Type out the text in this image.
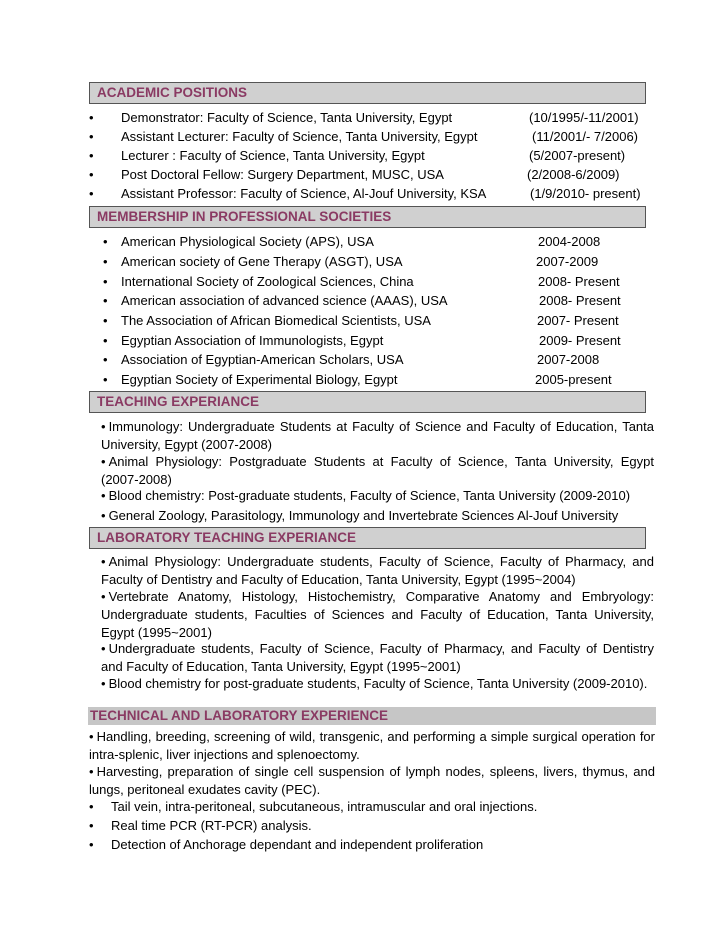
ACADEMIC POSITIONS
• Demonstrator: Faculty of Science, Tanta University, Egypt	(10/1995/-11/2001)
• Assistant Lecturer: Faculty of Science, Tanta University, Egypt	(11/2001/- 7/2006)
• Lecturer : Faculty of Science, Tanta University, Egypt	(5/2007-present)
• Post Doctoral Fellow: Surgery Department, MUSC, USA	(2/2008-6/2009)
• Assistant Professor: Faculty of Science, Al-Jouf University, KSA	(1/9/2010- present)
MEMBERSHIP IN PROFESSIONAL SOCIETIES
• American Physiological Society (APS), USA	2004-2008
• American society of Gene Therapy (ASGT), USA	2007-2009
• International Society of Zoological Sciences, China	2008- Present
• American association of advanced science (AAAS), USA	2008- Present
• The Association of African Biomedical Scientists, USA	2007- Present
• Egyptian Association of Immunologists, Egypt	2009- Present
• Association of Egyptian-American Scholars, USA	2007-2008
• Egyptian Society of Experimental Biology, Egypt	2005-present
TEACHING EXPERIANCE
• Immunology: Undergraduate Students at Faculty of Science and Faculty of Education, Tanta University, Egypt (2007-2008)
• Animal Physiology: Postgraduate Students at Faculty of Science, Tanta University, Egypt (2007-2008)
• Blood chemistry: Post-graduate students, Faculty of Science, Tanta University (2009-2010)
• General Zoology, Parasitology, Immunology and Invertebrate Sciences Al-Jouf University
LABORATORY TEACHING EXPERIANCE
• Animal Physiology: Undergraduate students, Faculty of Science, Faculty of Pharmacy, and Faculty of Dentistry and Faculty of Education, Tanta University, Egypt (1995~2004)
• Vertebrate Anatomy, Histology, Histochemistry, Comparative Anatomy and Embryology: Undergraduate students, Faculties of Sciences and Faculty of Education, Tanta University, Egypt (1995~2001)
• Undergraduate students, Faculty of Science, Faculty of Pharmacy, and Faculty of Dentistry and Faculty of Education, Tanta University, Egypt (1995~2001)
• Blood chemistry for post-graduate students, Faculty of Science, Tanta University (2009-2010).
TECHNICAL AND LABORATORY EXPERIENCE
• Handling, breeding, screening of wild, transgenic, and performing a simple surgical operation for intra-splenic, liver injections and splenoectomy.
• Harvesting, preparation of single cell suspension of lymph nodes, spleens, livers, thymus, and lungs, peritoneal exudates cavity (PEC).
• Tail vein, intra-peritoneal, subcutaneous, intramuscular and oral injections.
• Real time PCR (RT-PCR) analysis.
• Detection of Anchorage dependant and independent proliferation
